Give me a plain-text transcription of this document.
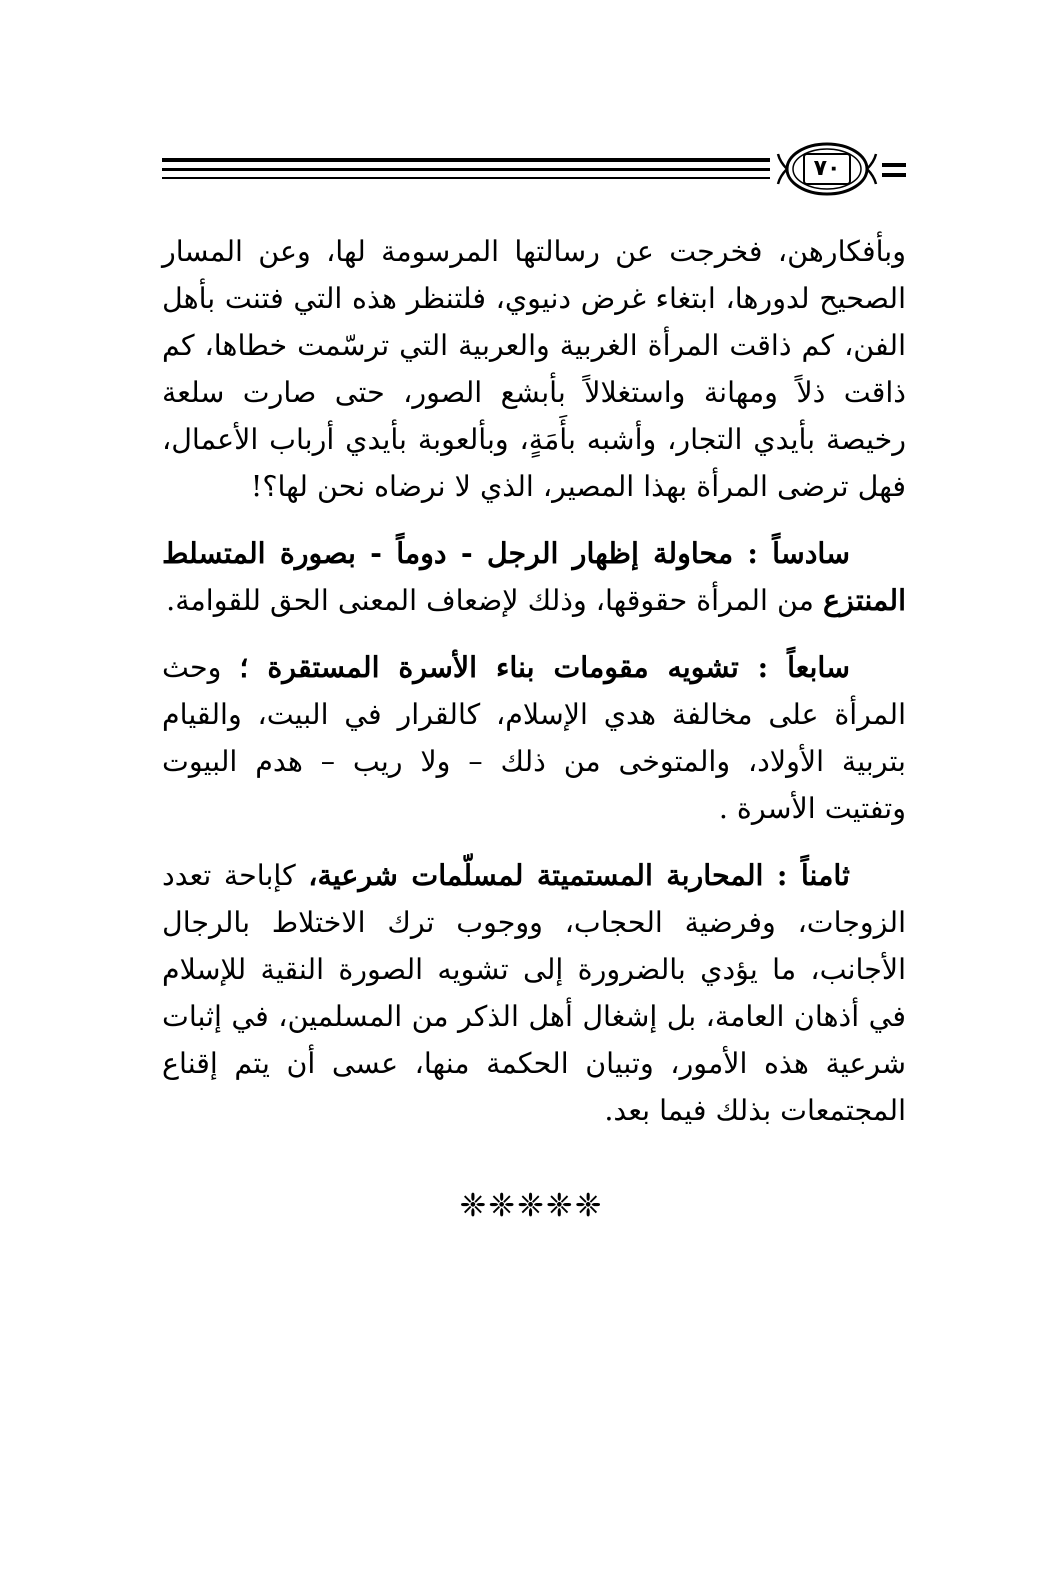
٧٠

وبأفكارهن، فخرجت عن رسالتها المرسومة لها، وعن المسار الصحيح لدورها، ابتغاء غرض دنيوي، فلتنظر هذه التي فتنت بأهل الفن، كم ذاقت المرأة الغربية والعربية التي ترسّمت خطاها، كم ذاقت ذلاً ومهانة واستغلالاً بأبشع الصور، حتى صارت سلعة رخيصة بأيدي التجار، وأشبه بأَمَةٍ، وبألعوبة بأيدي أرباب الأعمال، فهل ترضى المرأة بهذا المصير، الذي لا نرضاه نحن لها؟!

سادساً : محاولة إظهار الرجل - دوماً - بصورة المتسلط المنتزع من المرأة حقوقها، وذلك لإضعاف المعنى الحق للقوامة.

سابعاً : تشويه مقومات بناء الأسرة المستقرة ؛ وحث المرأة على مخالفة هدي الإسلام، كالقرار في البيت، والقيام بتربية الأولاد، والمتوخى من ذلك – ولا ريب – هدم البيوت وتفتيت الأسرة .

ثامناً : المحاربة المستميتة لمسلّمات شرعية، كإباحة تعدد الزوجات، وفرضية الحجاب، ووجوب ترك الاختلاط بالرجال الأجانب، ما يؤدي بالضرورة إلى تشويه الصورة النقية للإسلام في أذهان العامة، بل إشغال أهل الذكر من المسلمين، في إثبات شرعية هذه الأمور، وتبيان الحكمة منها، عسى أن يتم إقناع المجتمعات بذلك فيما بعد.

❈❈❈❈❈
